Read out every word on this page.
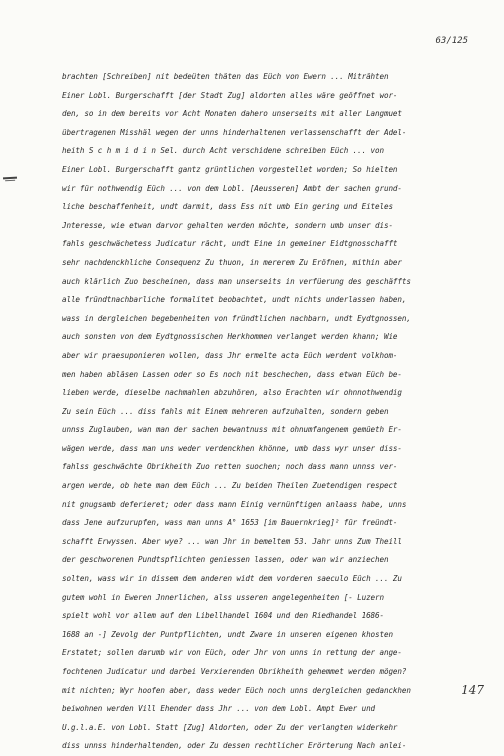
63/125
brachten [Schreiben] nit bedeüten thäten das Eüch von Ewern ... Miträhten
Einer Lobl. Burgerschafft [der Stadt Zug] aldorten alles wäre geöffnet wor-
den, so in dem bereits vor Acht Monaten dahero unserseits mit aller Langmuet
übertragenen Misshäl wegen der unns hinderhaltenen verlassenschafft der Adel-
heith S c h m i d i n Sel. durch Acht verschidene schreiben Eüch ... von
Einer Lobl. Burgerschafft gantz grüntlichen vorgestellet worden; So hielten
wir für nothwendig Eüch ... von dem Lobl. [Aeusseren] Ambt der sachen grund-
liche beschaffenheit, undt darmit, dass Ess nit umb Ein gering und Eiteles
Jnteresse, wie etwan darvor gehalten werden möchte, sondern umb unser dis-
fahls geschwächetess Judicatur rächt, undt Eine in gemeiner Eidtgnosschafft
sehr nachdenckhliche Consequenz Zu thuon, in mererem Zu Eröfnen, mithin aber
auch klärlich Zuo bescheinen, dass man unserseits in verfüerung des geschäffts
alle fründtnachbarliche formalitet beobachtet, undt nichts underlassen haben,
wass in dergleichen begebenheiten von fründtlichen nachbarn, undt Eydtgnossen,
auch sonsten von dem Eydtgnossischen Herkhommen verlanget werden khann; Wie
aber wir praesuponieren wollen, dass Jhr ermelte acta Eüch werdent volkhom-
men haben abläsen Lassen oder so Es noch nit beschechen, dass etwan Eüch be-
lieben werde, dieselbe nachmahlen abzuhören, also Erachten wir ohnnothwendig
Zu sein Eüch ... diss fahls mit Einem mehreren aufzuhalten, sondern geben
unnss Zuglauben, wan man der sachen bewantnuss mit ohnumfangenem gemüeth Er-
wägen werde, dass man uns weder verdenckhen khönne, umb dass wyr unser diss-
fahlss geschwächte Obrikheith Zuo retten suochen; noch dass mann unnss ver-
argen werde, ob hete man dem Eüch ... Zu beiden Theilen Zuetendigen respect
nit gnugsamb deferieret; oder dass mann Einig vernünftigen anlaass habe, unns
dass Jene aufzurupfen, wass man unns A° 1653 [im Bauernkrieg]² für freündt-
schafft Erwyssen. Aber wye? ... wan Jhr in bemeltem 53. Jahr unns Zum Theill
der geschworenen Pundtspflichten geniessen lassen, oder wan wir anziechen
solten, wass wir in dissem dem anderen widt dem vorderen saeculo Eüch ... Zu
gutem wohl in Eweren Jnnerlichen, alss usseren angelegenheiten [- Luzern
spielt wohl vor allem auf den Libellhandel 1604 und den Riedhandel 1686-
1688 an -] Zevolg der Puntpflichten, undt Zware in unseren eigenen khosten
Erstatet; sollen darumb wir von Eüch, oder Jhr von unns in rettung der ange-
fochtenen Judicatur und darbei Verxierenden Obrikheith gehemmet werden mögen?
mit nichten; Wyr hoofen aber, dass weder Eüch noch unns dergleichen gedanckhen
beiwohnen werden Vill Ehender dass Jhr ... von dem Lobl. Ampt Ewer und
U.g.l.a.E. von Lobl. Statt [Zug] Aldorten, oder Zu der verlangten widerkehr
diss unnss hinderhaltenden, oder Zu dessen rechtlicher Erörterung Nach anlei-
147
